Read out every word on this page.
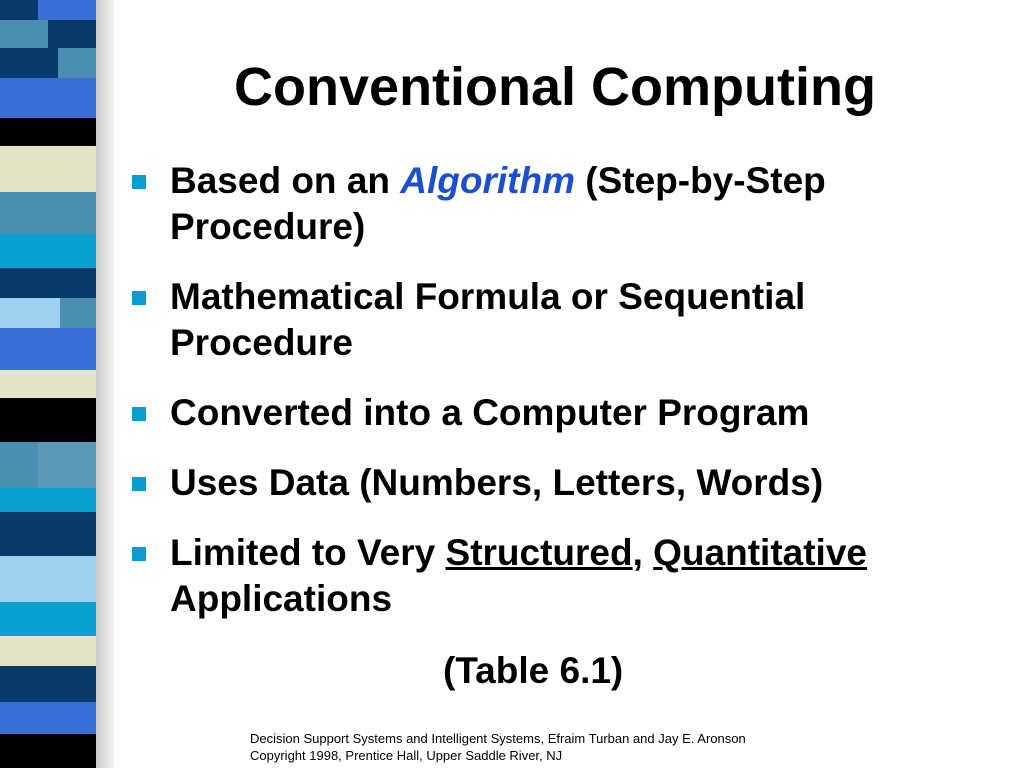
Conventional Computing
Based on an Algorithm (Step-by-Step Procedure)
Mathematical Formula or Sequential Procedure
Converted into a Computer Program
Uses Data (Numbers, Letters, Words)
Limited to Very Structured, Quantitative Applications
(Table 6.1)
Decision Support Systems and Intelligent Systems, Efraim Turban and Jay E. Aronson
Copyright 1998, Prentice Hall, Upper Saddle River, NJ
